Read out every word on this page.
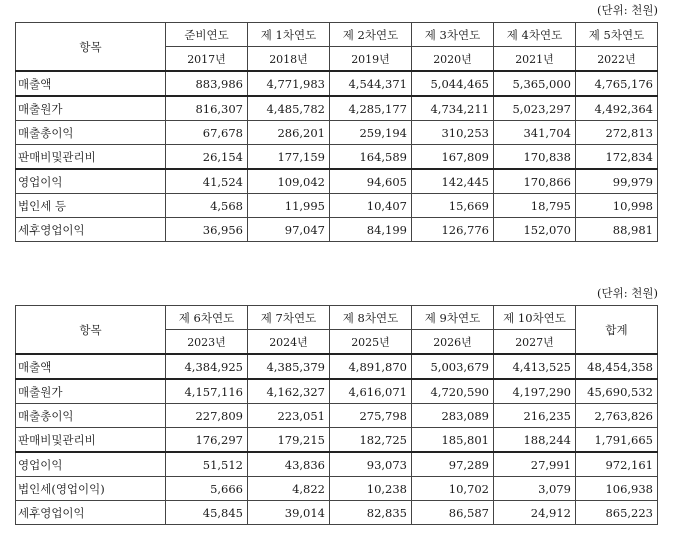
(단위: 천원)
항목	준비연도	제 1차연도	제 2차연도	제 3차연도	제 4차연도	제 5차연도
	2017년	2018년	2019년	2020년	2021년	2022년
매출액	883,986	4,771,983	4,544,371	5,044,465	5,365,000	4,765,176
매출원가	816,307	4,485,782	4,285,177	4,734,211	5,023,297	4,492,364
매출총이익	67,678	286,201	259,194	310,253	341,704	272,813
판매비및관리비	26,154	177,159	164,589	167,809	170,838	172,834
영업이익	41,524	109,042	94,605	142,445	170,866	99,979
법인세 등	4,568	11,995	10,407	15,669	18,795	10,998
세후영업이익	36,956	97,047	84,199	126,776	152,070	88,981
(단위: 천원)
항목	제 6차연도	제 7차연도	제 8차연도	제 9차연도	제 10차연도	합계
	2023년	2024년	2025년	2026년	2027년	
매출액	4,384,925	4,385,379	4,891,870	5,003,679	4,413,525	48,454,358
매출원가	4,157,116	4,162,327	4,616,071	4,720,590	4,197,290	45,690,532
매출총이익	227,809	223,051	275,798	283,089	216,235	2,763,826
판매비및관리비	176,297	179,215	182,725	185,801	188,244	1,791,665
영업이익	51,512	43,836	93,073	97,289	27,991	972,161
법인세(영업이익)	5,666	4,822	10,238	10,702	3,079	106,938
세후영업이익	45,845	39,014	82,835	86,587	24,912	865,223
